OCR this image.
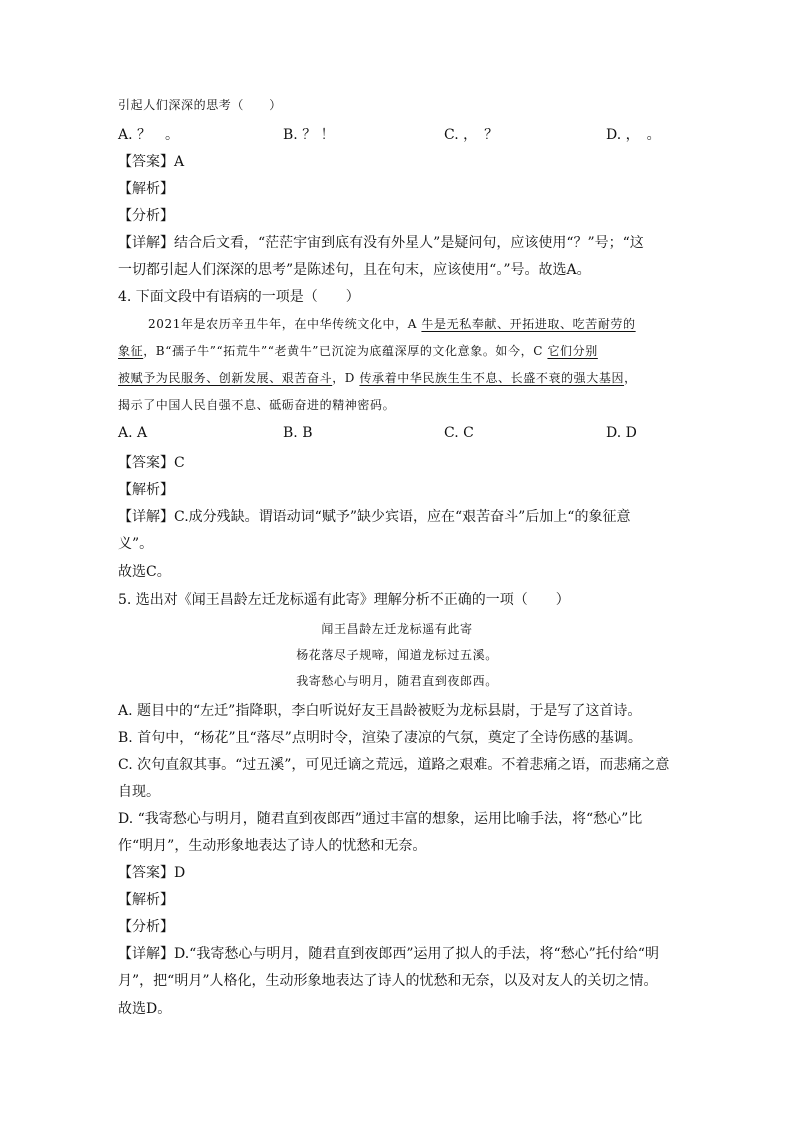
引起人们深深的思考（　　）
A. ？　。	B. ？ ！	C. ，　？	D. ，　。
【答案】A
【解析】
【分析】
【详解】结合后文看，“茫茫宇宙到底有没有外星人”是疑问句，应该使用“？”号；“这
一切都引起人们深深的思考”是陈述句，且在句末，应该使用“。”号。故选A。
4. 下面文段中有语病的一项是（　　）
2021年是农历辛丑牛年，在中华传统文化中，A 牛是无私奉献、开拓进取、吃苦耐劳的
象征，B“孺子牛”“拓荒牛”“老黄牛”已沉淀为底蕴深厚的文化意象。如今，C 它们分别
被赋予为民服务、创新发展、艰苦奋斗，D 传承着中华民族生生不息、长盛不衰的强大基因，
揭示了中国人民自强不息、砥砺奋进的精神密码。
A. A	B. B	C. C	D. D
【答案】C
【解析】
【详解】C.成分残缺。谓语动词“赋予”缺少宾语，应在“艰苦奋斗”后加上“的象征意
义”。
故选C。
5. 选出对《闻王昌龄左迁龙标遥有此寄》理解分析不正确的一项（　　）
闻王昌龄左迁龙标遥有此寄
杨花落尽子规啼，闻道龙标过五溪。
我寄愁心与明月，随君直到夜郎西。
A. 题目中的“左迁”指降职，李白听说好友王昌龄被贬为龙标县尉，于是写了这首诗。
B. 首句中，“杨花”且“落尽”点明时令，渲染了凄凉的气氛，奠定了全诗伤感的基调。
C. 次句直叙其事。“过五溪”，可见迁谪之荒远，道路之艰难。不着悲痛之语，而悲痛之意
自现。
D. “我寄愁心与明月，随君直到夜郎西”通过丰富的想象，运用比喻手法，将“愁心”比
作“明月”，生动形象地表达了诗人的忧愁和无奈。
【答案】D
【解析】
【分析】
【详解】D.“我寄愁心与明月，随君直到夜郎西”运用了拟人的手法，将“愁心”托付给“明
月”，把“明月”人格化，生动形象地表达了诗人的忧愁和无奈，以及对友人的关切之情。
故选D。
